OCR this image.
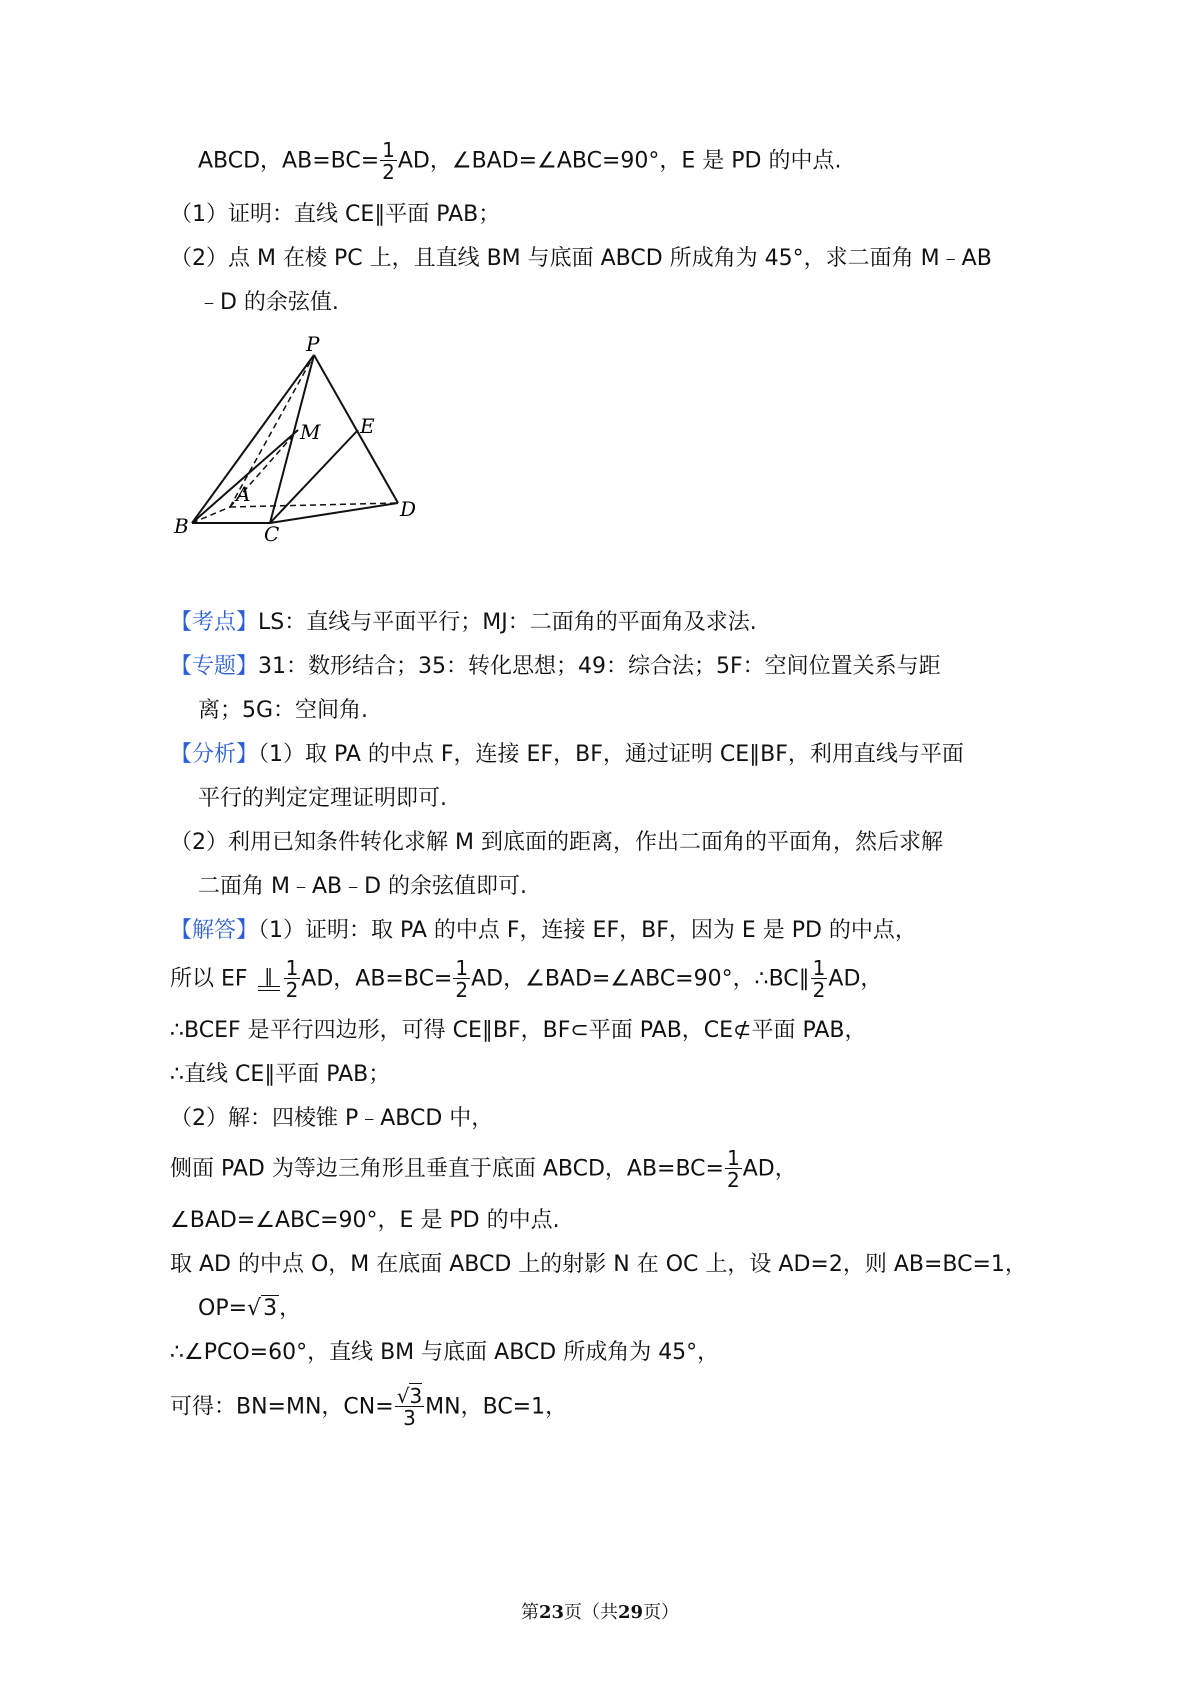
ABCD，$AB=BC= \frac{1}{2}$ AD，∠BAD=∠ABC=90°，E 是 PD 的中点.
（1）证明：直线 CE∥平面 PAB；
（2）点 M 在棱 PC 上，且直线 BM 与底面 ABCD 所成角为 45°，求二面角 M﹣AB
﹣D 的余弦值.
P
M E
A
B	C
D
【考点】LS：直线与平面平行；MJ：二面角的平面角及求法.
【专题】31：数形结合；35：转化思想；49：综合法；5F：空间位置关系与距
离；5G：空间角.
【分析】（1）取 PA 的中点 F，连接 EF，BF，通过证明 CE∥BF，利用直线与平面
平行的判定定理证明即可.
（2）利用已知条件转化求解 M 到底面的距离，作出二面角的平面角，然后求解
二面角 M﹣AB﹣D 的余弦值即可.
【解答】（1）证明：取 PA 的中点 F，连接 EF，BF，因为 E 是 PD 的中点，
所以 EF ∥ $\frac{1}{2}$ AD，$AB=BC= \frac{1}{2}$ AD，∠BAD=∠ABC=90°，∴BC∥ $\frac{1}{2}$ AD，
∴BCEF 是平行四边形，可得 CE∥BF，BF⊂平面 PAB，CE⊄平面 PAB，
∴直线 CE∥平面 PAB；
（2）解：四棱锥 P﹣ABCD 中，
侧面 PAD 为等边三角形且垂直于底面 ABCD，$AB=BC= \frac{1}{2}$ AD，
∠BAD=∠ABC=90°，E 是 PD 的中点.
取 AD 的中点 O，M 在底面 ABCD 上的射影 N 在 OC 上，设 AD=2，则 AB=BC=1，
OP=√3，
∴∠PCO=60°，直线 BM 与底面 ABCD 所成角为 45°，
可得：BN=MN，$CN= \frac{√3}{3}$ MN，BC=1，
第23页（共29页）
